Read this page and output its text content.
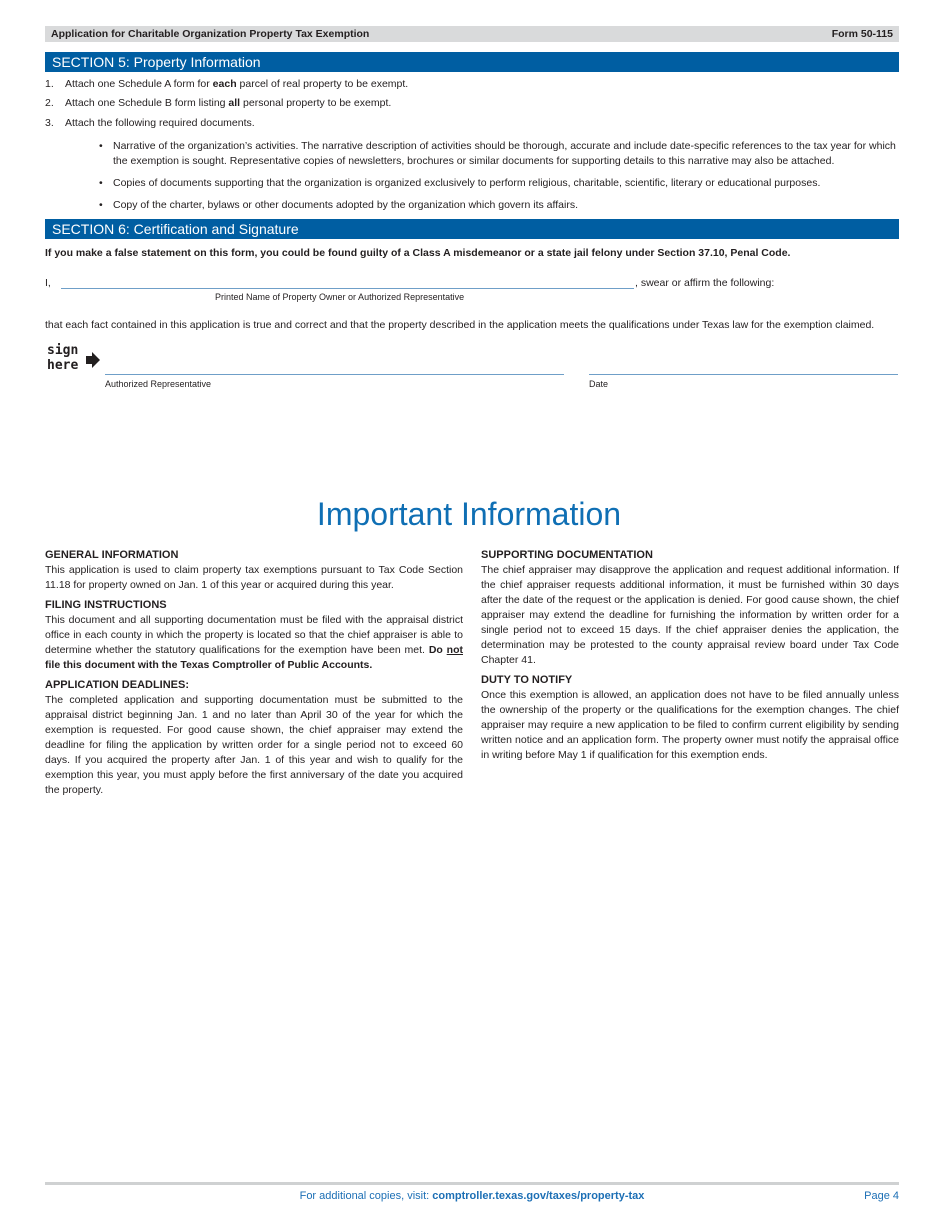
Application for Charitable Organization Property Tax Exemption	Form 50-115
SECTION 5: Property Information
1. Attach one Schedule A form for each parcel of real property to be exempt.
2. Attach one Schedule B form listing all personal property to be exempt.
3. Attach the following required documents.
• Narrative of the organization’s activities. The narrative description of activities should be thorough, accurate and include date-specific references to the tax year for which the exemption is sought. Representative copies of newsletters, brochures or similar documents for supporting details to this narrative may also be attached.
• Copies of documents supporting that the organization is organized exclusively to perform religious, charitable, scientific, literary or educational purposes.
• Copy of the charter, bylaws or other documents adopted by the organization which govern its affairs.
SECTION 6: Certification and Signature
If you make a false statement on this form, you could be found guilty of a Class A misdemeanor or a state jail felony under Section 37.10, Penal Code.
I,	, swear or affirm the following:
Printed Name of Property Owner or Authorized Representative
that each fact contained in this application is true and correct and that the property described in the application meets the qualifications under Texas law for the exemption claimed.
sign
here
Authorized Representative	Date
Important Information
GENERAL INFORMATION

This application is used to claim property tax exemptions pursuant to Tax Code Section 11.18 for property owned on Jan. 1 of this year or acquired during this year.

FILING INSTRUCTIONS

This document and all supporting documentation must be filed with the appraisal district office in each county in which the property is located so that the chief appraiser is able to determine whether the statutory qualifications for the exemption have been met. Do not file this document with the Texas Comptroller of Public Accounts.

APPLICATION DEADLINES:

The completed application and supporting documentation must be submitted to the appraisal district beginning Jan. 1 and no later than April 30 of the year for which the exemption is requested. For good cause shown, the chief appraiser may extend the deadline for filing the application by written order for a single period not to exceed 60 days. If you acquired the property after Jan. 1 of this year and wish to qualify for the exemption this year, you must apply before the first anniversary of the date you acquired the property.

SUPPORTING DOCUMENTATION

The chief appraiser may disapprove the application and request additional information. If the chief appraiser requests additional information, it must be furnished within 30 days after the date of the request or the application is denied. For good cause shown, the chief appraiser may extend the deadline for furnishing the information by written order for a single period not to exceed 15 days. If the chief appraiser denies the application, the determination may be protested to the county appraisal review board under Tax Code Chapter 41.

DUTY TO NOTIFY

Once this exemption is allowed, an application does not have to be filed annually unless the ownership of the property or the qualifications for the exemption changes. The chief appraiser may require a new application to be filed to confirm current eligibility by sending written notice and an application form. The property owner must notify the appraisal office in writing before May 1 if qualification for this exemption ends.

For additional copies, visit: comptroller.texas.gov/taxes/property-tax	Page 4
